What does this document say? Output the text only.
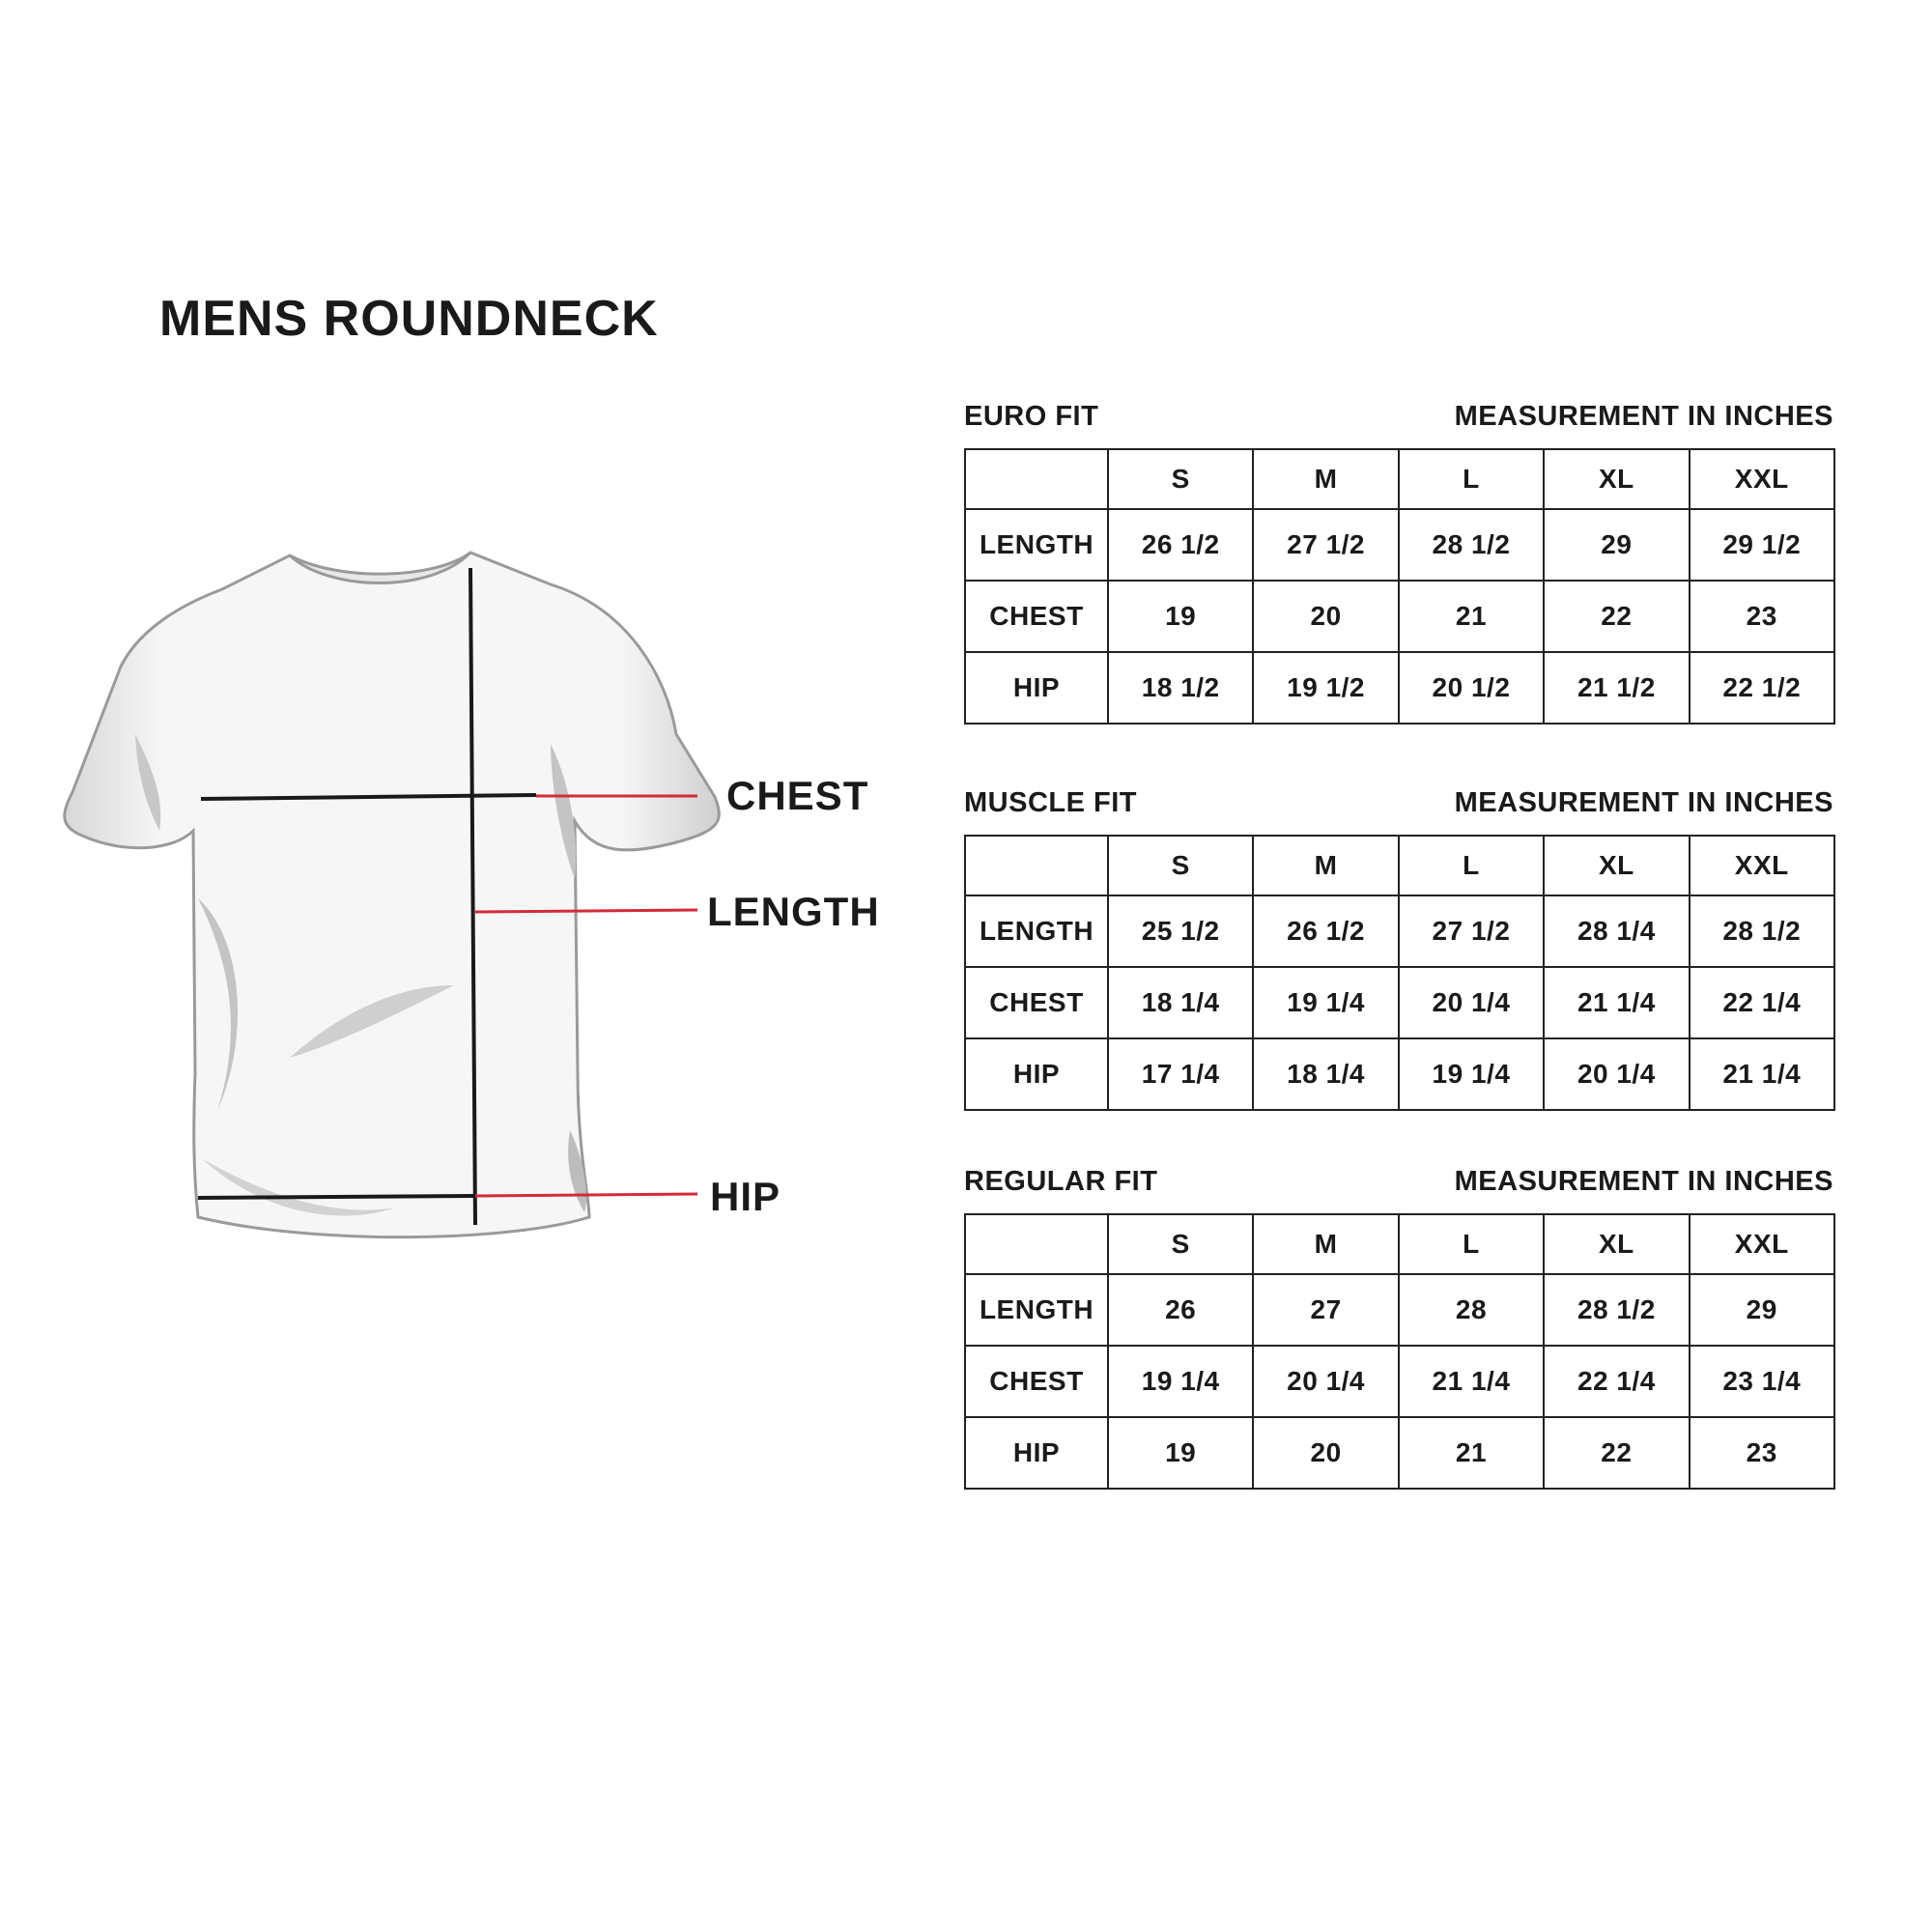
MENS ROUNDNECK
CHEST
LENGTH
HIP
EURO FIT	MEASUREMENT IN INCHES
	S	M	L	XL	XXL
LENGTH	26 1/2	27 1/2	28 1/2	29	29 1/2
CHEST	19	20	21	22	23
HIP	18 1/2	19 1/2	20 1/2	21 1/2	22 1/2
MUSCLE FIT	MEASUREMENT IN INCHES
	S	M	L	XL	XXL
LENGTH	25 1/2	26 1/2	27 1/2	28 1/4	28 1/2
CHEST	18 1/4	19 1/4	20 1/4	21 1/4	22 1/4
HIP	17 1/4	18 1/4	19 1/4	20 1/4	21 1/4
REGULAR FIT	MEASUREMENT IN INCHES
	S	M	L	XL	XXL
LENGTH	26	27	28	28 1/2	29
CHEST	19 1/4	20 1/4	21 1/4	22 1/4	23 1/4
HIP	19	20	21	22	23
